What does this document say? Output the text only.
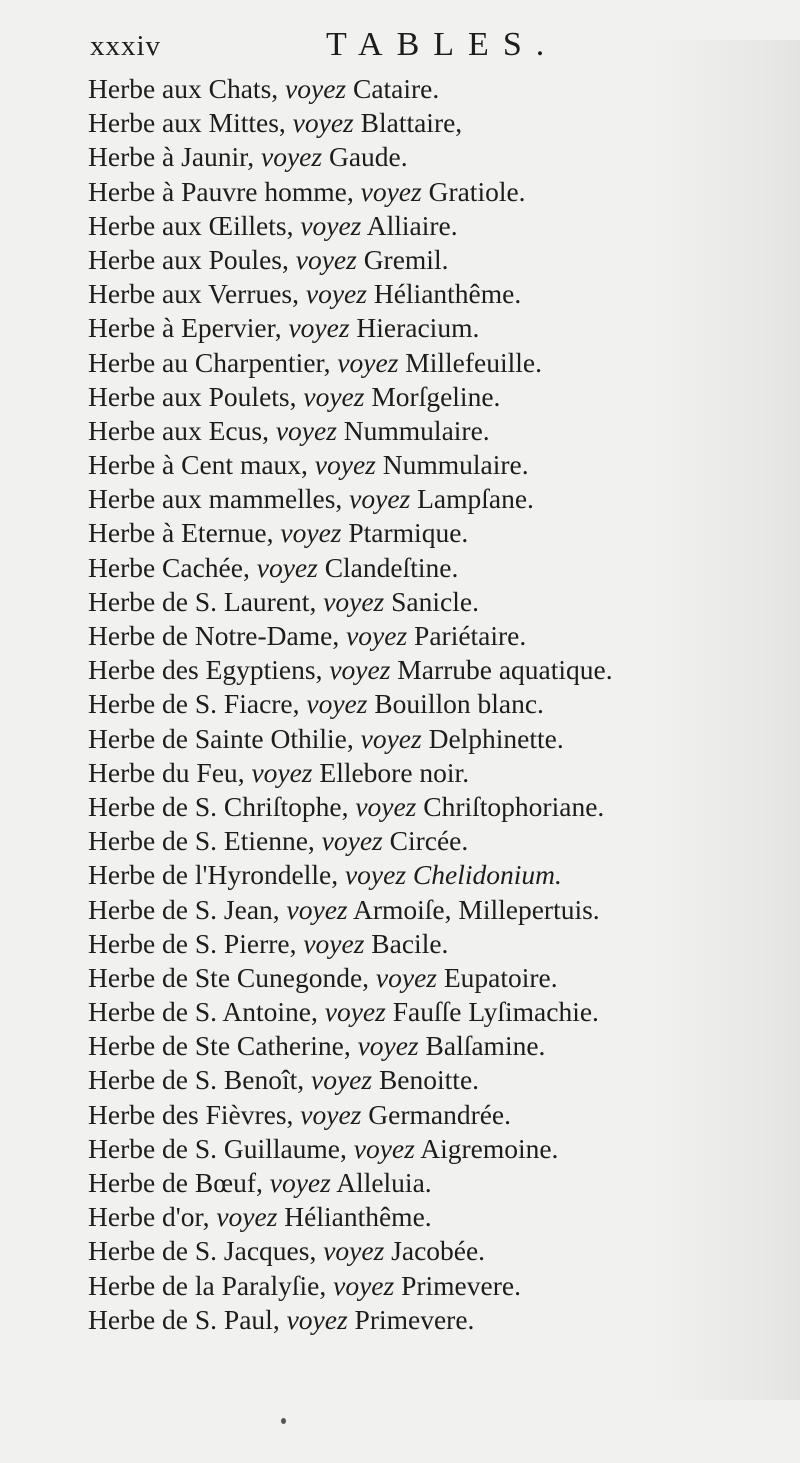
xxxiv	TABLES.
Herbe aux Chats, voyez Cataire.
Herbe aux Mittes, voyez Blattaire,
Herbe à Jaunir, voyez Gaude.
Herbe à Pauvre homme, voyez Gratiole.
Herbe aux Œillets, voyez Alliaire.
Herbe aux Poules, voyez Gremil.
Herbe aux Verrues, voyez Hélianthême.
Herbe à Epervier, voyez Hieracium.
Herbe au Charpentier, voyez Millefeuille.
Herbe aux Poulets, voyez Morſgeline.
Herbe aux Ecus, voyez Nummulaire.
Herbe à Cent maux, voyez Nummulaire.
Herbe aux mammelles, voyez Lampſane.
Herbe à Eternue, voyez Ptarmique.
Herbe Cachée, voyez Clandeſtine.
Herbe de S. Laurent, voyez Sanicle.
Herbe de Notre-Dame, voyez Pariétaire.
Herbe des Egyptiens, voyez Marrube aquatique.
Herbe de S. Fiacre, voyez Bouillon blanc.
Herbe de Sainte Othilie, voyez Delphinette.
Herbe du Feu, voyez Ellebore noir.
Herbe de S. Chriſtophe, voyez Chriſtophoriane.
Herbe de S. Etienne, voyez Circée.
Herbe de l'Hyrondelle, voyez Chelidonium.
Herbe de S. Jean, voyez Armoiſe, Millepertuis.
Herbe de S. Pierre, voyez Bacile.
Herbe de Ste Cunegonde, voyez Eupatoire.
Herbe de S. Antoine, voyez Fauſſe Lyſimachie.
Herbe de Ste Catherine, voyez Balſamine.
Herbe de S. Benoît, voyez Benoitte.
Herbe des Fièvres, voyez Germandrée.
Herbe de S. Guillaume, voyez Aigremoine.
Herbe de Bœuf, voyez Alleluia.
Herbe d'or, voyez Hélianthême.
Herbe de S. Jacques, voyez Jacobée.
Herbe de la Paralyſie, voyez Primevere.
Herbe de S. Paul, voyez Primevere.
